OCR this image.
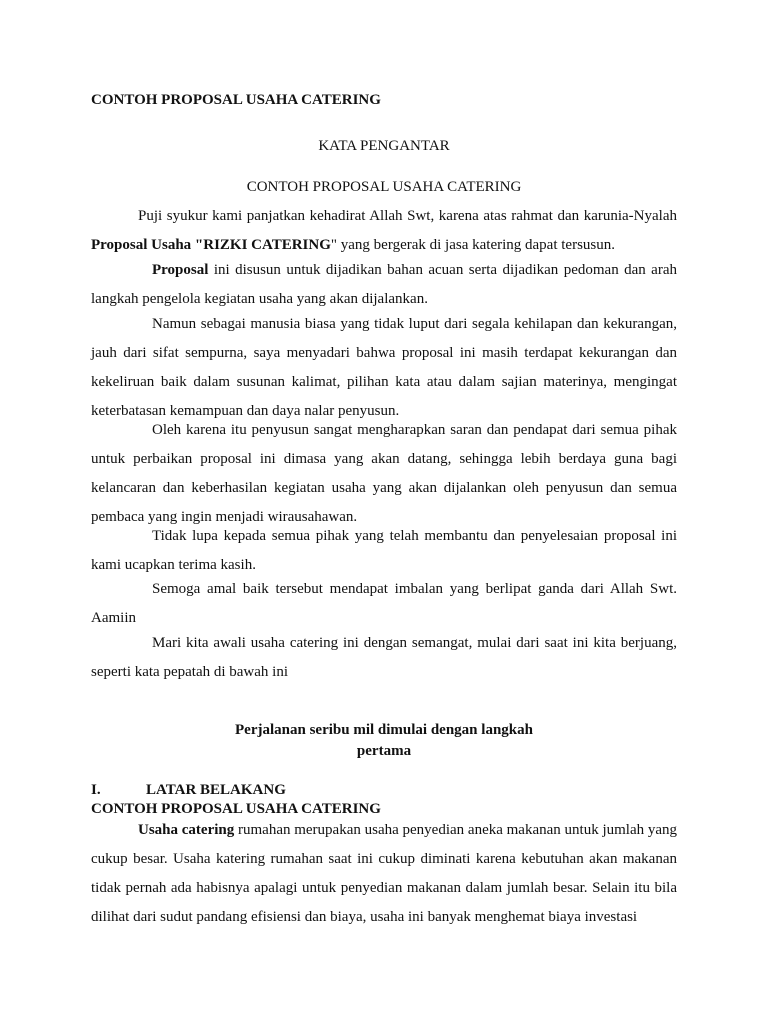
CONTOH PROPOSAL USAHA CATERING
KATA PENGANTAR
CONTOH PROPOSAL USAHA CATERING
Puji syukur kami panjatkan kehadirat Allah Swt, karena atas rahmat dan karunia-Nyalah Proposal Usaha "RIZKI CATERING" yang bergerak di jasa katering dapat tersusun.
Proposal ini disusun untuk dijadikan bahan acuan serta dijadikan pedoman dan arah langkah pengelola kegiatan usaha yang akan dijalankan.
Namun sebagai manusia biasa yang tidak luput dari segala kehilapan dan kekurangan, jauh dari sifat sempurna, saya menyadari bahwa proposal ini masih terdapat kekurangan dan kekeliruan baik dalam susunan kalimat, pilihan kata atau dalam sajian materinya, mengingat keterbatasan kemampuan dan daya nalar penyusun.
Oleh karena itu penyusun sangat mengharapkan saran dan pendapat dari semua pihak untuk perbaikan proposal ini dimasa yang akan datang, sehingga lebih berdaya guna bagi kelancaran dan keberhasilan kegiatan usaha yang akan dijalankan oleh penyusun dan semua pembaca yang ingin menjadi wirausahawan.
Tidak lupa kepada semua pihak yang telah membantu dan penyelesaian proposal ini kami ucapkan terima kasih.
Semoga amal baik tersebut mendapat imbalan yang berlipat ganda dari Allah Swt. Aamiin
Mari kita awali usaha catering ini dengan semangat, mulai dari saat ini kita berjuang, seperti kata pepatah di bawah ini
Perjalanan seribu mil dimulai dengan langkah
pertama
I.	LATAR BELAKANG
CONTOH PROPOSAL USAHA CATERING
Usaha catering rumahan merupakan usaha penyedian aneka makanan untuk jumlah yang cukup besar. Usaha katering rumahan saat ini cukup diminati karena kebutuhan akan makanan tidak pernah ada habisnya apalagi untuk penyedian makanan dalam jumlah besar. Selain itu bila dilihat dari sudut pandang efisiensi dan biaya, usaha ini banyak menghemat biaya investasi
